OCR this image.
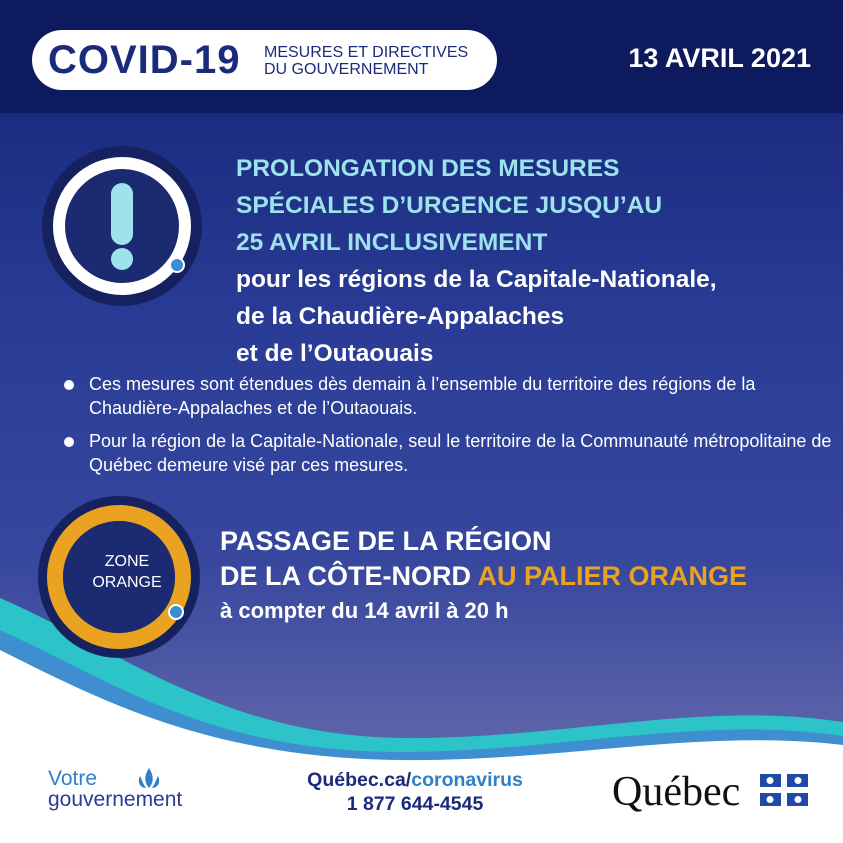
COVID-19 MESURES ET DIRECTIVES
DU GOUVERNEMENT	13 AVRIL 2021
PROLONGATION DES MESURES
SPÉCIALES D’URGENCE JUSQU’AU
25 AVRIL INCLUSIVEMENT
pour les régions de la Capitale-Nationale,
de la Chaudière-Appalaches
et de l’Outaouais
Ces mesures sont étendues dès demain à l’ensemble du territoire des régions de la Chaudière-Appalaches et de l’Outaouais.
Pour la région de la Capitale-Nationale, seul le territoire de la Communauté métropolitaine de Québec demeure visé par ces mesures.
ZONE
ORANGE
PASSAGE DE LA RÉGION
DE LA CÔTE-NORD AU PALIER ORANGE
à compter du 14 avril à 20 h
Votre
gouvernement
Québec.ca/coronavirus
1 877 644-4545	Québec
